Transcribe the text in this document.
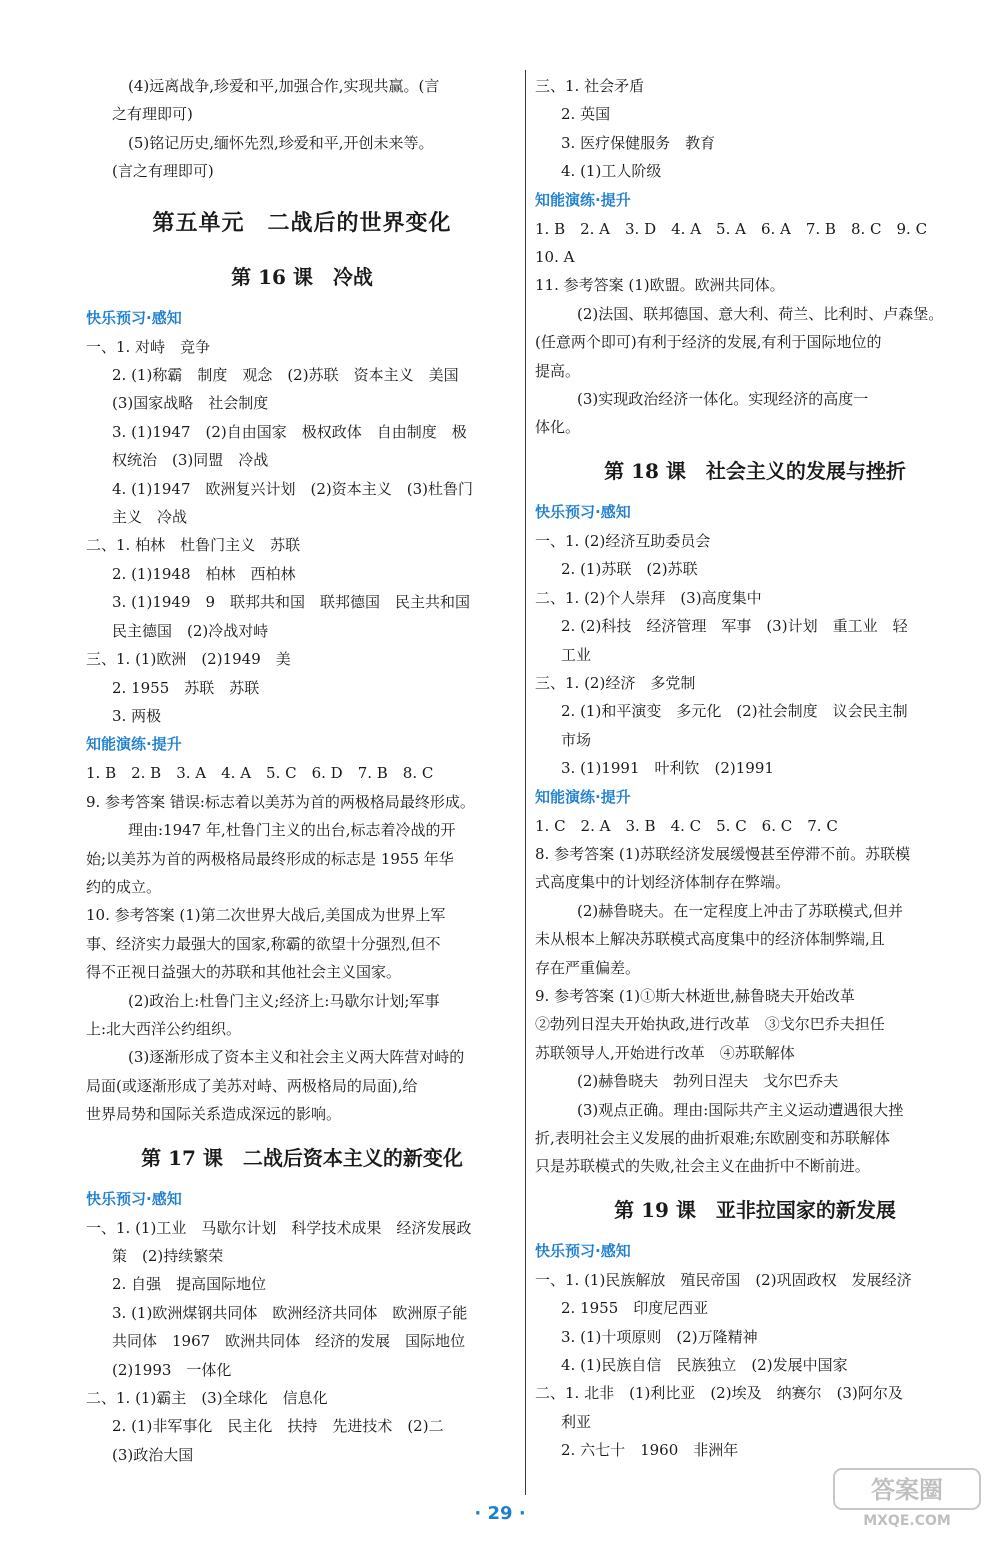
(4)远离战争,珍爱和平,加强合作,实现共赢。(言
之有理即可)
(5)铭记历史,缅怀先烈,珍爱和平,开创未来等。
(言之有理即可)
第五单元　二战后的世界变化
第 16 课　冷战
快乐预习·感知
一、1. 对峙　竞争
2. (1)称霸　制度　观念　(2)苏联　资本主义　美国
(3)国家战略　社会制度
3. (1)1947　(2)自由国家　极权政体　自由制度　极
权统治　(3)同盟　冷战
4. (1)1947　欧洲复兴计划　(2)资本主义　(3)杜鲁门
主义　冷战
二、1. 柏林　杜鲁门主义　苏联
2. (1)1948　柏林　西柏林
3. (1)1949　9　联邦共和国　联邦德国　民主共和国
民主德国　(2)冷战对峙
三、1. (1)欧洲　(2)1949　美
2. 1955　苏联　苏联
3. 两极
知能演练·提升
1. B　2. B　3. A　4. A　5. C　6. D　7. B　8. C
9. 参考答案 错误:标志着以美苏为首的两极格局最终形成。
理由:1947 年,杜鲁门主义的出台,标志着冷战的开
始;以美苏为首的两极格局最终形成的标志是 1955 年华
约的成立。
10. 参考答案 (1)第二次世界大战后,美国成为世界上军
事、经济实力最强大的国家,称霸的欲望十分强烈,但不
得不正视日益强大的苏联和其他社会主义国家。
(2)政治上:杜鲁门主义;经济上:马歇尔计划;军事
上:北大西洋公约组织。
(3)逐渐形成了资本主义和社会主义两大阵营对峙的
局面(或逐渐形成了美苏对峙、两极格局的局面),给
世界局势和国际关系造成深远的影响。
第 17 课　二战后资本主义的新变化
快乐预习·感知
一、1. (1)工业　马歇尔计划　科学技术成果　经济发展政
策　(2)持续繁荣
2. 自强　提高国际地位
3. (1)欧洲煤钢共同体　欧洲经济共同体　欧洲原子能
共同体　1967　欧洲共同体　经济的发展　国际地位
(2)1993　一体化
二、1. (1)霸主　(3)全球化　信息化
2. (1)非军事化　民主化　扶持　先进技术　(2)二
(3)政治大国
三、1. 社会矛盾
2. 英国
3. 医疗保健服务　教育
4. (1)工人阶级
知能演练·提升
1. B　2. A　3. D　4. A　5. A　6. A　7. B　8. C　9. C
10. A
11. 参考答案 (1)欧盟。欧洲共同体。
(2)法国、联邦德国、意大利、荷兰、比利时、卢森堡。
(任意两个即可)有利于经济的发展,有利于国际地位的
提高。
(3)实现政治经济一体化。实现经济的高度一
体化。
第 18 课　社会主义的发展与挫折
快乐预习·感知
一、1. (2)经济互助委员会
2. (1)苏联　(2)苏联
二、1. (2)个人崇拜　(3)高度集中
2. (2)科技　经济管理　军事　(3)计划　重工业　轻
工业
三、1. (2)经济　多党制
2. (1)和平演变　多元化　(2)社会制度　议会民主制
市场
3. (1)1991　叶利钦　(2)1991
知能演练·提升
1. C　2. A　3. B　4. C　5. C　6. C　7. C
8. 参考答案 (1)苏联经济发展缓慢甚至停滞不前。苏联模
式高度集中的计划经济体制存在弊端。
(2)赫鲁晓夫。在一定程度上冲击了苏联模式,但并
未从根本上解决苏联模式高度集中的经济体制弊端,且
存在严重偏差。
9. 参考答案 (1)①斯大林逝世,赫鲁晓夫开始改革
②勃列日涅夫开始执政,进行改革　③戈尔巴乔夫担任
苏联领导人,开始进行改革　④苏联解体
(2)赫鲁晓夫　勃列日涅夫　戈尔巴乔夫
(3)观点正确。理由:国际共产主义运动遭遇很大挫
折,表明社会主义发展的曲折艰难;东欧剧变和苏联解体
只是苏联模式的失败,社会主义在曲折中不断前进。
第 19 课　亚非拉国家的新发展
快乐预习·感知
一、1. (1)民族解放　殖民帝国　(2)巩固政权　发展经济
2. 1955　印度尼西亚
3. (1)十项原则　(2)万隆精神
4. (1)民族自信　民族独立　(2)发展中国家
二、1. 北非　(1)利比亚　(2)埃及　纳赛尔　(3)阿尔及
利亚
2. 六七十　1960　非洲年
· 29 ·
答案圈
MXQE.COM
